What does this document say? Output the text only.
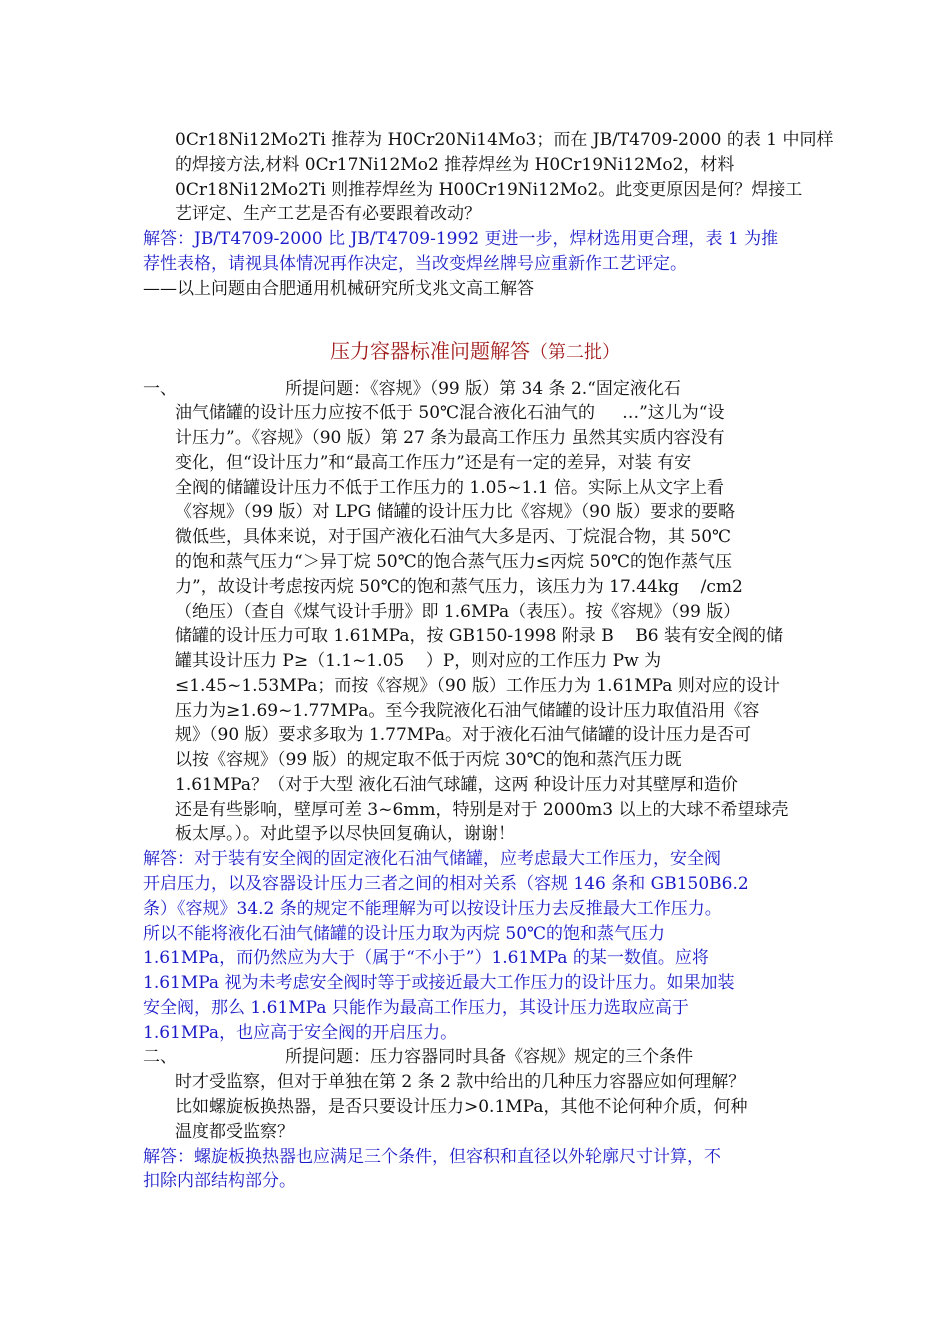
0Cr18Ni12Mo2Ti 推荐为 H0Cr20Ni14Mo3；而在 JB/T4709-2000 的表 1 中同样
的焊接方法,材料 0Cr17Ni12Mo2 推荐焊丝为 H0Cr19Ni12Mo2，材料
0Cr18Ni12Mo2Ti 则推荐焊丝为 H00Cr19Ni12Mo2。此变更原因是何？焊接工
艺评定、生产工艺是否有必要跟着改动？
解答：JB/T4709-2000 比 JB/T4709-1992 更进一步，焊材选用更合理，表 1 为推
荐性表格，请视具体情况再作决定，当改变焊丝牌号应重新作工艺评定。
——以上问题由合肥通用机械研究所戈兆文高工解答
压力容器标准问题解答（第二批）
一、                    所提问题：《容规》（99 版）第 34 条 2.“固定液化石
油气储罐的设计压力应按不低于 50℃混合液化石油气的     …”这儿为“设
计压力”。《容规》（90 版）第 27 条为最高工作压力 虽然其实质内容没有
变化，但“设计压力”和“最高工作压力”还是有一定的差异，对装 有安
全阀的储罐设计压力不低于工作压力的 1.05~1.1 倍。实际上从文字上看
《容规》（99 版）对 LPG 储罐的设计压力比《容规》（90 版）要求的要略
微低些，具体来说，对于国产液化石油气大多是丙、丁烷混合物，其 50℃
的饱和蒸气压力“＞异丁烷 50℃的饱合蒸气压力≤丙烷 50℃的饱作蒸气压
力”，故设计考虑按丙烷 50℃的饱和蒸气压力，该压力为 17.44kg    /cm2
（绝压）（查自《煤气设计手册》即 1.6MPa（表压）。按《容规》（99 版）
储罐的设计压力可取 1.61MPa，按 GB150-1998 附录 B    B6 装有安全阀的储
罐其设计压力 P≥（1.1~1.05    ）P，则对应的工作压力 Pw 为
≤1.45~1.53MPa；而按《容规》（90 版）工作压力为 1.61MPa 则对应的设计
压力为≥1.69~1.77MPa。至今我院液化石油气储罐的设计压力取值沿用《容
规》（90 版）要求多取为 1.77MPa。对于液化石油气储罐的设计压力是否可
以按《容规》（99 版）的规定取不低于丙烷 30℃的饱和蒸汽压力既
1.61MPa？（对于大型 液化石油气球罐，这两 种设计压力对其壁厚和造价
还是有些影响，壁厚可差 3~6mm，特别是对于 2000m3 以上的大球不希望球壳
板太厚。）。对此望予以尽快回复确认，谢谢！
解答：对于装有安全阀的固定液化石油气储罐，应考虑最大工作压力，安全阀
开启压力，以及容器设计压力三者之间的相对关系（容规 146 条和 GB150B6.2
条）《容规》34.2 条的规定不能理解为可以按设计压力去反推最大工作压力。
所以不能将液化石油气储罐的设计压力取为丙烷 50℃的饱和蒸气压力
1.61MPa，而仍然应为大于（属于“不小于”）1.61MPa 的某一数值。应将
1.61MPa 视为未考虑安全阀时等于或接近最大工作压力的设计压力。如果加装
安全阀，那么 1.61MPa 只能作为最高工作压力，其设计压力选取应高于
1.61MPa，也应高于安全阀的开启压力。
二、                    所提问题：压力容器同时具备《容规》规定的三个条件
时才受监察，但对于单独在第 2 条 2 款中给出的几种压力容器应如何理解？
比如螺旋板换热器，是否只要设计压力>0.1MPa，其他不论何种介质，何种
温度都受监察？
解答：螺旋板换热器也应满足三个条件，但容积和直径以外轮廓尺寸计算，不
扣除内部结构部分。
